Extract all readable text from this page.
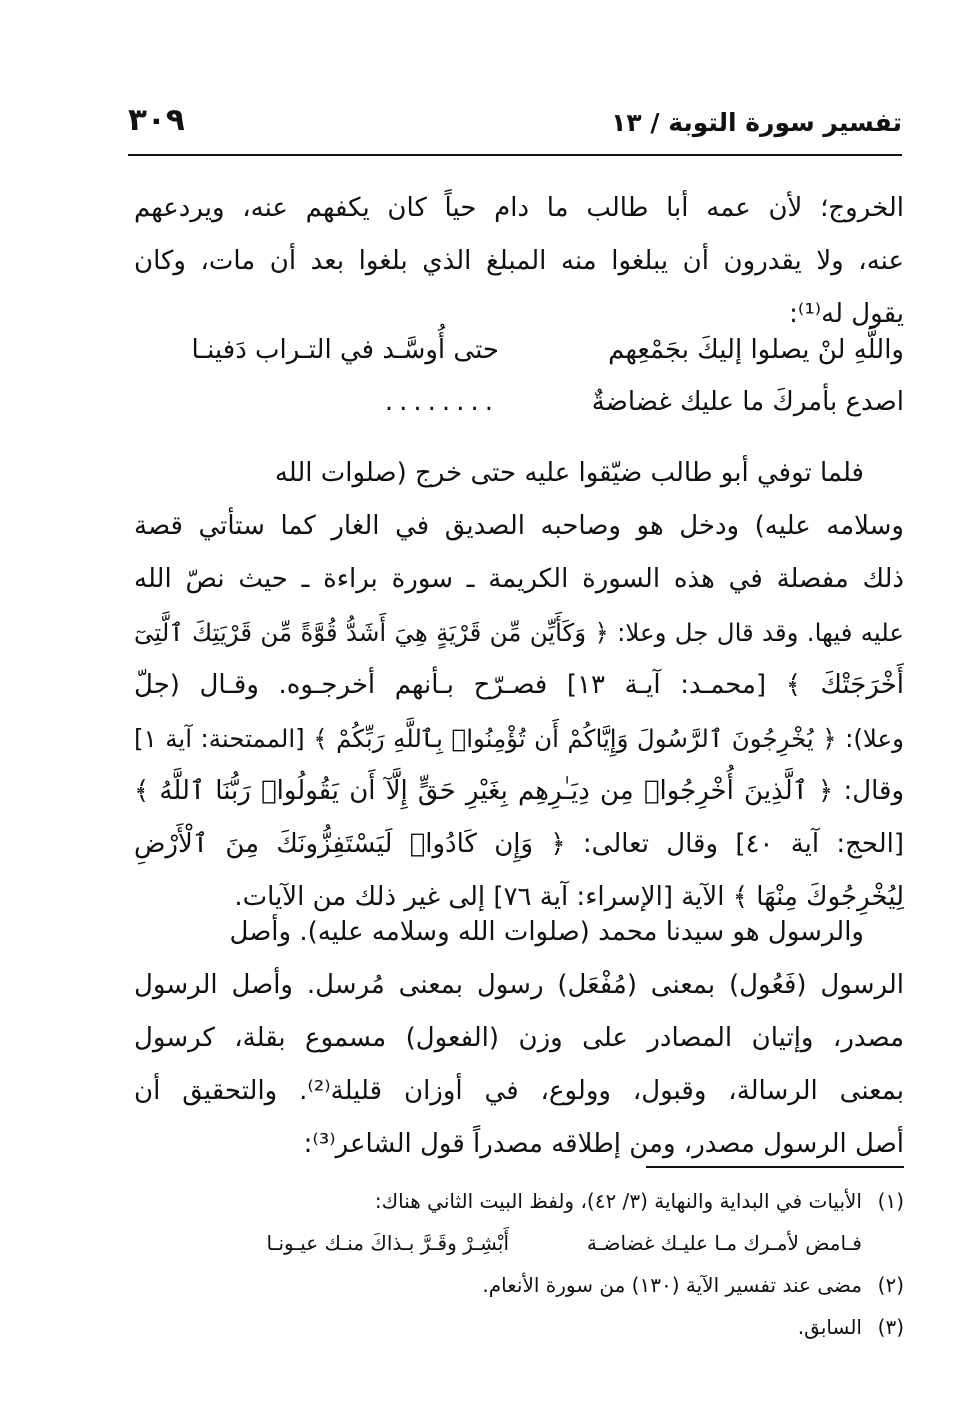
تفسير سورة التوبة / ١٣
٣٠٩
الخروج؛ لأن عمه أبا طالب ما دام حياً كان يكفهم عنه، ويردعهم
عنه، ولا يقدرون أن يبلغوا منه المبلغ الذي بلغوا بعد أن مات، وكان
يقول له⁽¹⁾:
واللَّهِ لنْ يصلوا إليكَ بجَمْعِهم
حتى أُوسَّـد في التـراب دَفينـا
اصدع بأمركَ ما عليك غضاضةٌ
........
فلما توفي أبو طالب ضيّقوا عليه حتى خرج (صلوات الله
وسلامه عليه) ودخل هو وصاحبه الصديق في الغار كما ستأتي قصة
ذلك مفصلة في هذه السورة الكريمة ـ سورة براءة ـ حيث نصّ الله
عليه فيها. وقد قال جل وعلا: ﴿ وَكَأَيِّن مِّن قَرْيَةٍ هِيَ أَشَدُّ قُوَّةً مِّن قَرْيَتِكَ ٱلَّتِىٓ
أَخْرَجَتْكَ ﴾ [محمـد: آيـة ١٣] فصـرّح بـأنهم أخرجـوه. وقـال (جلّ
وعلا): ﴿ يُخْرِجُونَ ٱلرَّسُولَ وَإِيَّاكُمْ أَن تُؤْمِنُوا۟ بِٱللَّهِ رَبِّكُمْ ﴾ [الممتحنة: آية ١]
وقال: ﴿ ٱلَّذِينَ أُخْرِجُوا۟ مِن دِيَـٰرِهِم بِغَيْرِ حَقٍّ إِلَّآ أَن يَقُولُوا۟ رَبُّنَا ٱللَّهُ ﴾
[الحج: آية ٤٠] وقال تعالى: ﴿ وَإِن كَادُوا۟ لَيَسْتَفِزُّونَكَ مِنَ ٱلْأَرْضِ
لِيُخْرِجُوكَ مِنْهَا ﴾ الآية [الإسراء: آية ٧٦] إلى غير ذلك من الآيات.
والرسول هو سيدنا محمد (صلوات الله وسلامه عليه). وأصل
الرسول (فَعُول) بمعنى (مُفْعَل) رسول بمعنى مُرسل. وأصل الرسول
مصدر، وإتيان المصادر على وزن (الفعول) مسموع بقلة، كرسول
بمعنى الرسالة، وقبول، وولوع، في أوزان قليلة⁽²⁾. والتحقيق أن
أصل الرسول مصدر، ومن إطلاقه مصدراً قول الشاعر⁽³⁾:
(١)الأبيات في البداية والنهاية (٣/ ٤٢)، ولفظ البيت الثاني هناك:
فـامض لأمـرك مـا عليـك غضاضـة
أَبْشِـرْ وقَـرَّ بـذاكَ منـك عيـونـا
(٢)مضى عند تفسير الآية (١٣٠) من سورة الأنعام.
(٣)السابق.
